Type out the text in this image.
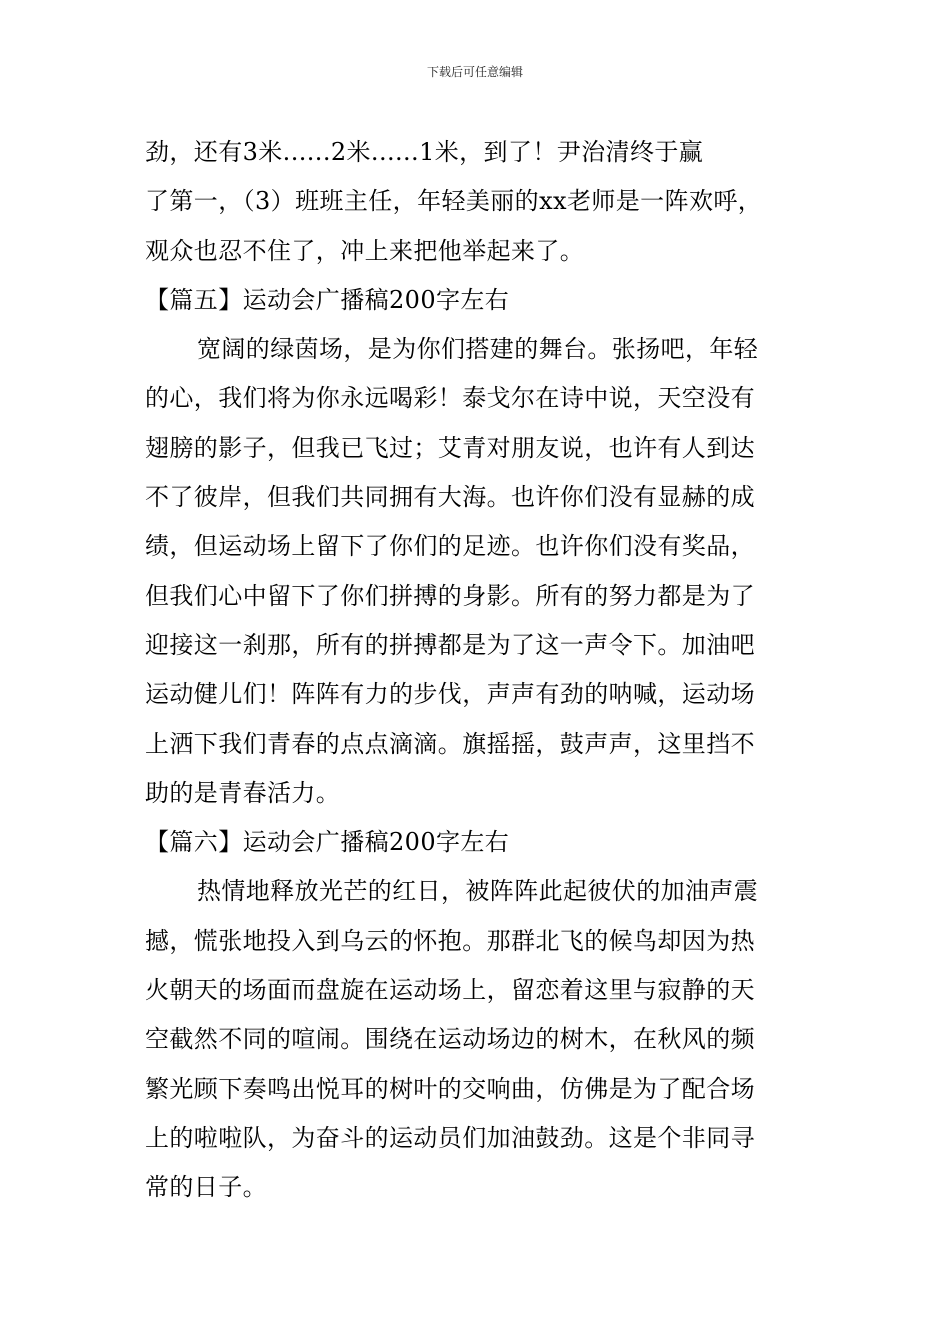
下载后可任意编辑
劲，还有3米......2米......1米，到了！尹治清终于赢
了第一，（3）班班主任，年轻美丽的xx老师是一阵欢呼，
观众也忍不住了，冲上来把他举起来了。
【篇五】运动会广播稿200字左右
宽阔的绿茵场，是为你们搭建的舞台。张扬吧，年轻
的心，我们将为你永远喝彩！泰戈尔在诗中说，天空没有
翅膀的影子，但我已飞过；艾青对朋友说，也许有人到达
不了彼岸，但我们共同拥有大海。也许你们没有显赫的成
绩，但运动场上留下了你们的足迹。也许你们没有奖品，
但我们心中留下了你们拼搏的身影。所有的努力都是为了
迎接这一刹那，所有的拼搏都是为了这一声令下。加油吧
运动健儿们！阵阵有力的步伐，声声有劲的呐喊，运动场
上洒下我们青春的点点滴滴。旗摇摇，鼓声声，这里挡不
助的是青春活力。
【篇六】运动会广播稿200字左右
热情地释放光芒的红日，被阵阵此起彼伏的加油声震
撼，慌张地投入到乌云的怀抱。那群北飞的候鸟却因为热
火朝天的场面而盘旋在运动场上，留恋着这里与寂静的天
空截然不同的喧闹。围绕在运动场边的树木，在秋风的频
繁光顾下奏鸣出悦耳的树叶的交响曲，仿佛是为了配合场
上的啦啦队，为奋斗的运动员们加油鼓劲。这是个非同寻
常的日子。
